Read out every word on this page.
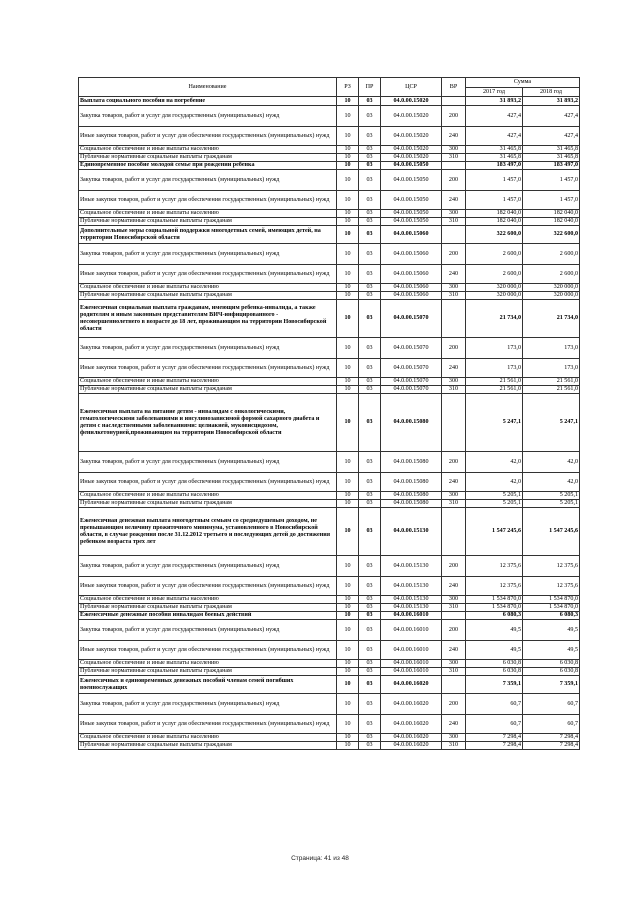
Наименование	РЗ	ПР	ЦСР	ВР	Сумма	
					2017 год	2018 год
Выплата социального пособия на погребение	10	03	04.0.00.15020		31 893,2	31 893,2
Закупка товаров, работ и услуг для государственных (муниципальных) нужд	10	03	04.0.00.15020	200	427,4	427,4
Иные закупки товаров, работ и услуг для обеспечения государственных (муниципальных) нужд	10	03	04.0.00.15020	240	427,4	427,4
Социальное обеспечение и иные выплаты населению	10	03	04.0.00.15020	300	31 465,8	31 465,8
Публичные нормативные социальные выплаты гражданам	10	03	04.0.00.15020	310	31 465,8	31 465,8
Единовременное пособие молодой семье при рождении ребенка	10	03	04.0.00.15050		183 497,0	183 497,0
Закупка товаров, работ и услуг для государственных (муниципальных) нужд	10	03	04.0.00.15050	200	1 457,0	1 457,0
Иные закупки товаров, работ и услуг для обеспечения государственных (муниципальных) нужд	10	03	04.0.00.15050	240	1 457,0	1 457,0
Социальное обеспечение и иные выплаты населению	10	03	04.0.00.15050	300	182 040,0	182 040,0
Публичные нормативные социальные выплаты гражданам	10	03	04.0.00.15050	310	182 040,0	182 040,0
Дополнительные меры социальной поддержки многодетных семей, имеющих детей, на территории Новосибирской области	10	03	04.0.00.15060		322 600,0	322 600,0
Закупка товаров, работ и услуг для государственных (муниципальных) нужд	10	03	04.0.00.15060	200	2 600,0	2 600,0
Иные закупки товаров, работ и услуг для обеспечения государственных (муниципальных) нужд	10	03	04.0.00.15060	240	2 600,0	2 600,0
Социальное обеспечение и иные выплаты населению	10	03	04.0.00.15060	300	320 000,0	320 000,0
Публичные нормативные социальные выплаты гражданам	10	03	04.0.00.15060	310	320 000,0	320 000,0
Ежемесячная социальная выплата гражданам, имеющим ребенка-инвалида, а также родителям и иным законным представителям ВИЧ-инфицированного - несовершеннолетнего в возрасте до 18 лет, проживающим на территории Новосибирской области	10	03	04.0.00.15070		21 734,0	21 734,0
Закупка товаров, работ и услуг для государственных (муниципальных) нужд	10	03	04.0.00.15070	200	173,0	173,0
Иные закупки товаров, работ и услуг для обеспечения государственных (муниципальных) нужд	10	03	04.0.00.15070	240	173,0	173,0
Социальное обеспечение и иные выплаты населению	10	03	04.0.00.15070	300	21 561,0	21 561,0
Публичные нормативные социальные выплаты гражданам	10	03	04.0.00.15070	310	21 561,0	21 561,0
Ежемесячная выплата на питание детям - инвалидам с онкологическими, гематологическими заболеваниями и инсулинозависимой формой сахарного диабета и детям с наследственными заболеваниями: целиакией, муковисцидозом, фенилкетонурией,проживающим на территории Новосибирской области	10	03	04.0.00.15080		5 247,1	5 247,1
Закупка товаров, работ и услуг для государственных (муниципальных) нужд	10	03	04.0.00.15080	200	42,0	42,0
Иные закупки товаров, работ и услуг для обеспечения государственных (муниципальных) нужд	10	03	04.0.00.15080	240	42,0	42,0
Социальное обеспечение и иные выплаты населению	10	03	04.0.00.15080	300	5 205,1	5 205,1
Публичные нормативные социальные выплаты гражданам	10	03	04.0.00.15080	310	5 205,1	5 205,1
Ежемесячная денежная выплата многодетным семьям со среднедушевым доходом, не превышающим величину прожиточного минимума, установленного в Новосибирской области, в случае рождения после 31.12.2012 третьего и последующих детей до достижения ребенком возраста трех лет	10	03	04.0.00.15130		1 547 245,6	1 547 245,6
Закупка товаров, работ и услуг для государственных (муниципальных) нужд	10	03	04.0.00.15130	200	12 375,6	12 375,6
Иные закупки товаров, работ и услуг для обеспечения государственных (муниципальных) нужд	10	03	04.0.00.15130	240	12 375,6	12 375,6
Социальное обеспечение и иные выплаты населению	10	03	04.0.00.15130	300	1 534 870,0	1 534 870,0
Публичные нормативные социальные выплаты гражданам	10	03	04.0.00.15130	310	1 534 870,0	1 534 870,0
Ежемесячные денежные пособия инвалидам боевых действий	10	03	04.0.00.16010		6 080,3	6 080,3
Закупка товаров, работ и услуг для государственных (муниципальных) нужд	10	03	04.0.00.16010	200	49,5	49,5
Иные закупки товаров, работ и услуг для обеспечения государственных (муниципальных) нужд	10	03	04.0.00.16010	240	49,5	49,5
Социальное обеспечение и иные выплаты населению	10	03	04.0.00.16010	300	6 030,8	6 030,8
Публичные нормативные социальные выплаты гражданам	10	03	04.0.00.16010	310	6 030,8	6 030,8
Ежемесячных и единовременных денежных пособий членам семей погибших военнослужащих	10	03	04.0.00.16020		7 359,1	7 359,1
Закупка товаров, работ и услуг для государственных (муниципальных) нужд	10	03	04.0.00.16020	200	60,7	60,7
Иные закупки товаров, работ и услуг для обеспечения государственных (муниципальных) нужд	10	03	04.0.00.16020	240	60,7	60,7
Социальное обеспечение и иные выплаты населению	10	03	04.0.00.16020	300	7 298,4	7 298,4
Публичные нормативные социальные выплаты гражданам	10	03	04.0.00.16020	310	7 298,4	7 298,4
Страница: 41 из 48
